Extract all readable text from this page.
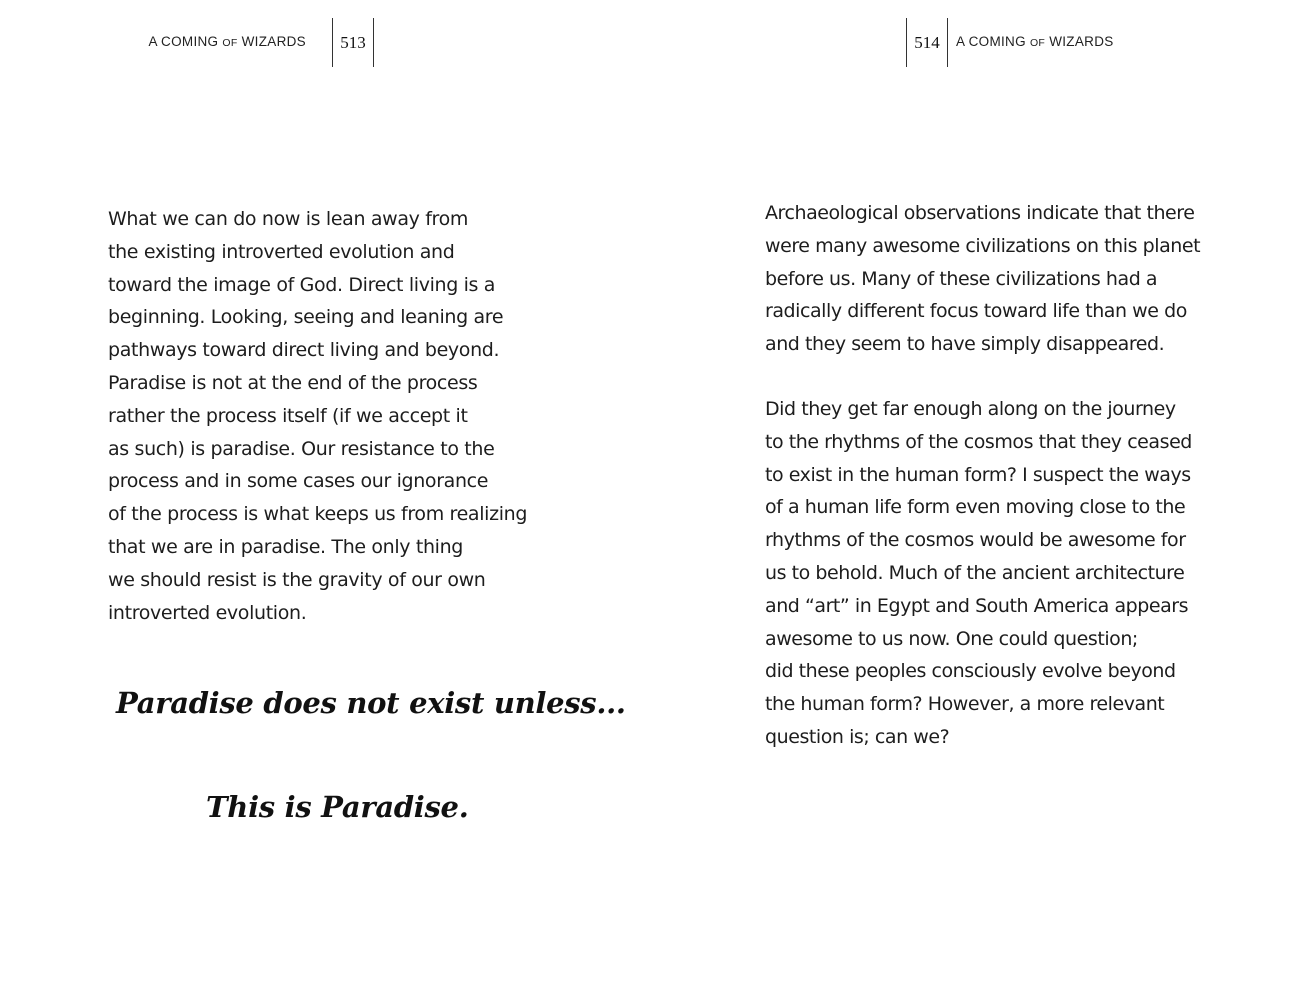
A COMING OF WIZARDS	513

What we can do now is lean away from
the existing introverted evolution and
toward the image of God. Direct living is a
beginning. Looking, seeing and leaning are
pathways toward direct living and beyond.
Paradise is not at the end of the process
rather the process itself (if we accept it
as such) is paradise. Our resistance to the
process and in some cases our ignorance
of the process is what keeps us from realizing
that we are in paradise. The only thing
we should resist is the gravity of our own
introverted evolution.

Paradise does not exist unless...
This is Paradise.
514	A COMING OF WIZARDS

Archaeological observations indicate that there
were many awesome civilizations on this planet
before us. Many of these civilizations had a
radically different focus toward life than we do
and they seem to have simply disappeared.

Did they get far enough along on the journey
to the rhythms of the cosmos that they ceased
to exist in the human form? I suspect the ways
of a human life form even moving close to the
rhythms of the cosmos would be awesome for
us to behold. Much of the ancient architecture
and “art” in Egypt and South America appears
awesome to us now. One could question;
did these peoples consciously evolve beyond
the human form? However, a more relevant
question is; can we?
